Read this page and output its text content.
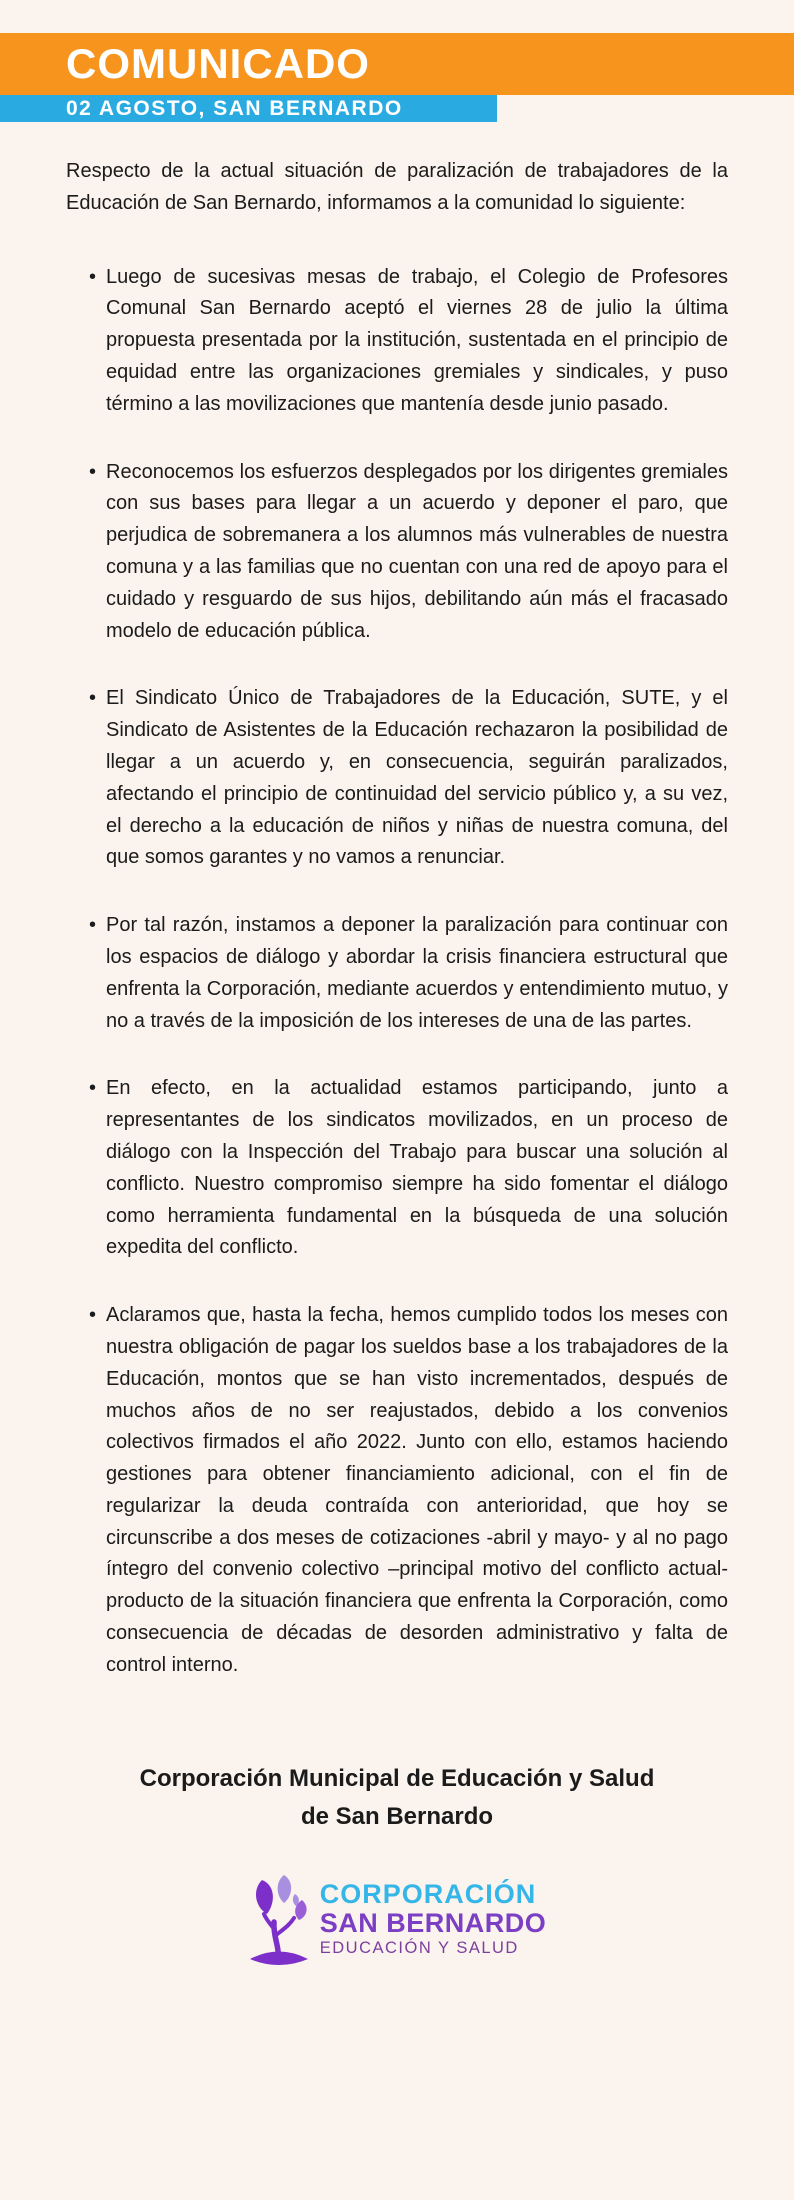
COMUNICADO
02 AGOSTO, SAN BERNARDO

Respecto de la actual situación de paralización de trabajadores de la Educación de San Bernardo, informamos a la comunidad lo siguiente:

• Luego de sucesivas mesas de trabajo, el Colegio de Profesores Comunal San Bernardo aceptó el viernes 28 de julio la última propuesta presentada por la institución, sustentada en el principio de equidad entre las organizaciones gremiales y sindicales, y puso término a las movilizaciones que mantenía desde junio pasado.
• Reconocemos los esfuerzos desplegados por los dirigentes gremiales con sus bases para llegar a un acuerdo y deponer el paro, que perjudica de sobremanera a los alumnos más vulnerables de nuestra comuna y a las familias que no cuentan con una red de apoyo para el cuidado y resguardo de sus hijos, debilitando aún más el fracasado modelo de educación pública.
• El Sindicato Único de Trabajadores de la Educación, SUTE, y el Sindicato de Asistentes de la Educación rechazaron la posibilidad de llegar a un acuerdo y, en consecuencia, seguirán paralizados, afectando el principio de continuidad del servicio público y, a su vez, el derecho a la educación de niños y niñas de nuestra comuna, del que somos garantes y no vamos a renunciar.
• Por tal razón, instamos a deponer la paralización para continuar con los espacios de diálogo y abordar la crisis financiera estructural que enfrenta la Corporación, mediante acuerdos y entendimiento mutuo, y no a través de la imposición de los intereses de una de las partes.
• En efecto, en la actualidad estamos participando, junto a representantes de los sindicatos movilizados, en un proceso de diálogo con la Inspección del Trabajo para buscar una solución al conflicto. Nuestro compromiso siempre ha sido fomentar el diálogo como herramienta fundamental en la búsqueda de una solución expedita del conflicto.
• Aclaramos que, hasta la fecha, hemos cumplido todos los meses con nuestra obligación de pagar los sueldos base a los trabajadores de la Educación, montos que se han visto incrementados, después de muchos años de no ser reajustados, debido a los convenios colectivos firmados el año 2022. Junto con ello, estamos haciendo gestiones para obtener financiamiento adicional, con el fin de regularizar la deuda contraída con anterioridad, que hoy se circunscribe a dos meses de cotizaciones -abril y mayo- y al no pago íntegro del convenio colectivo –principal motivo del conflicto actual- producto de la situación financiera que enfrenta la Corporación, como consecuencia de décadas de desorden administrativo y falta de control interno.
Corporación Municipal de Educación y Salud
de San Bernardo
CORPORACIÓN
SAN BERNARDO
EDUCACIÓN Y SALUD
